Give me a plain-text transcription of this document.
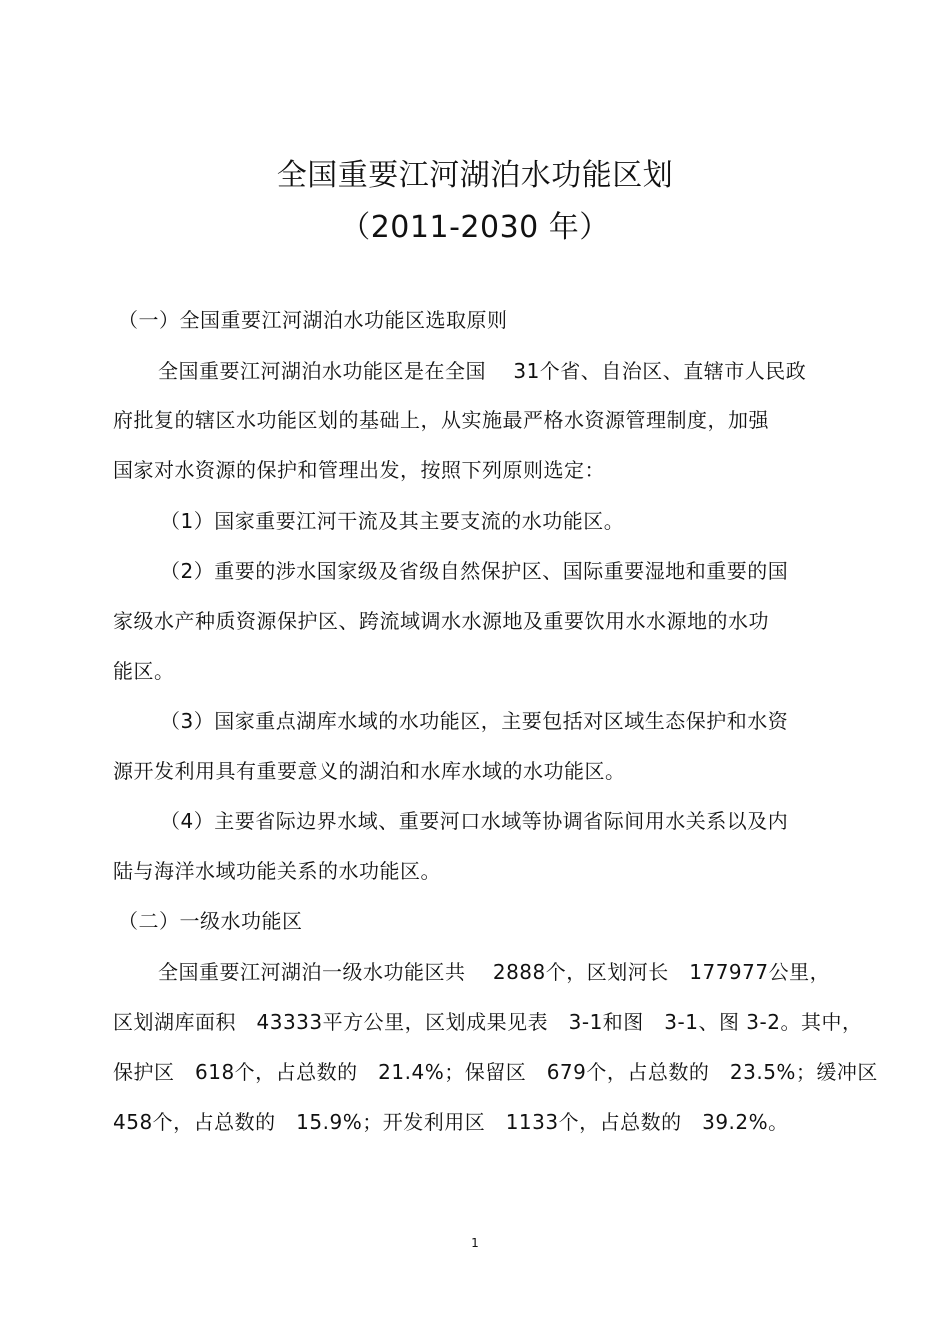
全国重要江河湖泊水功能区划
（2011-2030 年）
（一）全国重要江河湖泊水功能区选取原则
全国重要江河湖泊水功能区是在全国　 31个省、自治区、直辖市人民政
府批复的辖区水功能区划的基础上，从实施最严格水资源管理制度，加强
国家对水资源的保护和管理出发，按照下列原则选定：
（1）国家重要江河干流及其主要支流的水功能区。
（2）重要的涉水国家级及省级自然保护区、国际重要湿地和重要的国
家级水产种质资源保护区、跨流域调水水源地及重要饮用水水源地的水功
能区。
（3）国家重点湖库水域的水功能区，主要包括对区域生态保护和水资
源开发利用具有重要意义的湖泊和水库水域的水功能区。
（4）主要省际边界水域、重要河口水域等协调省际间用水关系以及内
陆与海洋水域功能关系的水功能区。
（二）一级水功能区
全国重要江河湖泊一级水功能区共　 2888个，区划河长　177977公里，
区划湖库面积　43333平方公里，区划成果见表　3-1和图　3-1、图 3-2。其中，
保护区　618个，占总数的　21.4%；保留区　679个，占总数的　23.5%；缓冲区
458个，占总数的　15.9%；开发利用区　1133个，占总数的　39.2%。
1
